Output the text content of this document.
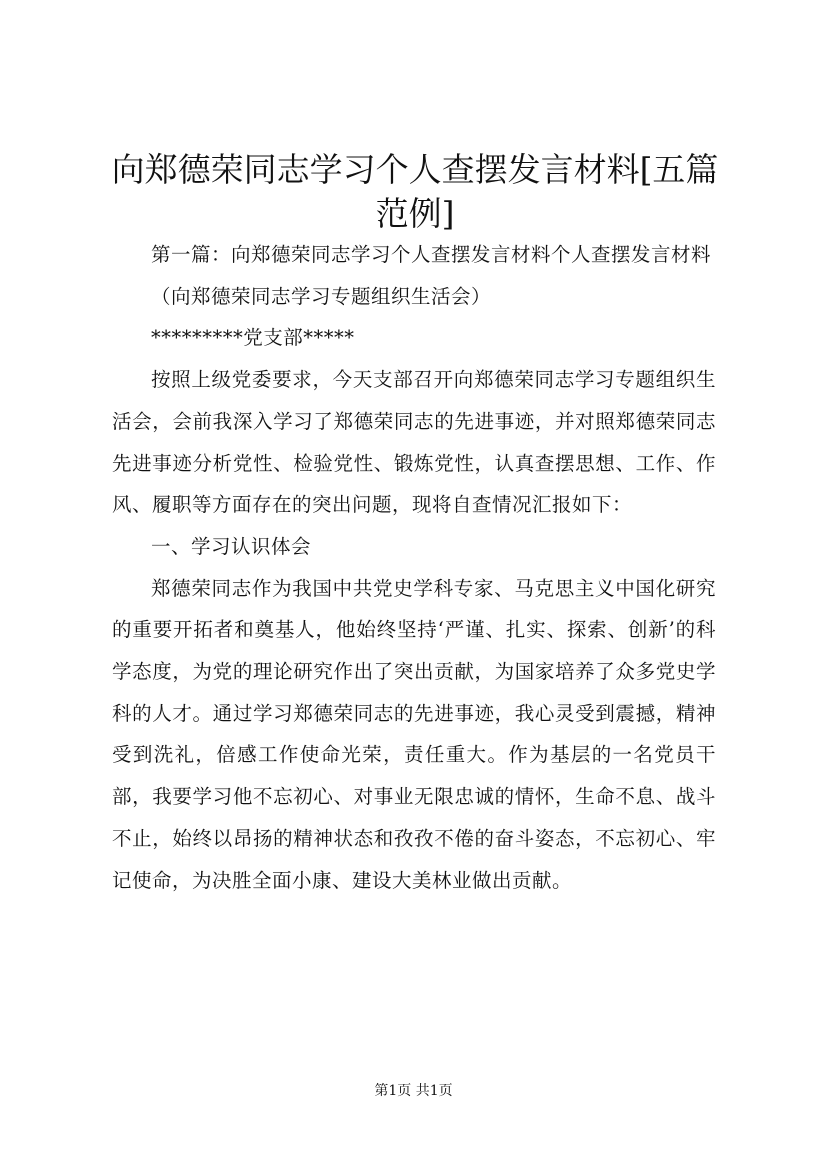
向郑德荣同志学习个人查摆发言材料[五篇范例]

第一篇：向郑德荣同志学习个人查摆发言材料个人查摆发言材料

（向郑德荣同志学习专题组织生活会）

*********党支部*****

按照上级党委要求，今天支部召开向郑德荣同志学习专题组织生活会，会前我深入学习了郑德荣同志的先进事迹，并对照郑德荣同志先进事迹分析党性、检验党性、锻炼党性，认真查摆思想、工作、作风、履职等方面存在的突出问题，现将自查情况汇报如下：

一、学习认识体会

郑德荣同志作为我国中共党史学科专家、马克思主义中国化研究的重要开拓者和奠基人，他始终坚持‘严谨、扎实、探索、创新’的科学态度，为党的理论研究作出了突出贡献，为国家培养了众多党史学科的人才。通过学习郑德荣同志的先进事迹，我心灵受到震撼，精神受到洗礼，倍感工作使命光荣，责任重大。作为基层的一名党员干部，我要学习他不忘初心、对事业无限忠诚的情怀，生命不息、战斗不止，始终以昂扬的精神状态和孜孜不倦的奋斗姿态，不忘初心、牢记使命，为决胜全面小康、建设大美林业做出贡献。

第1页 共1页
